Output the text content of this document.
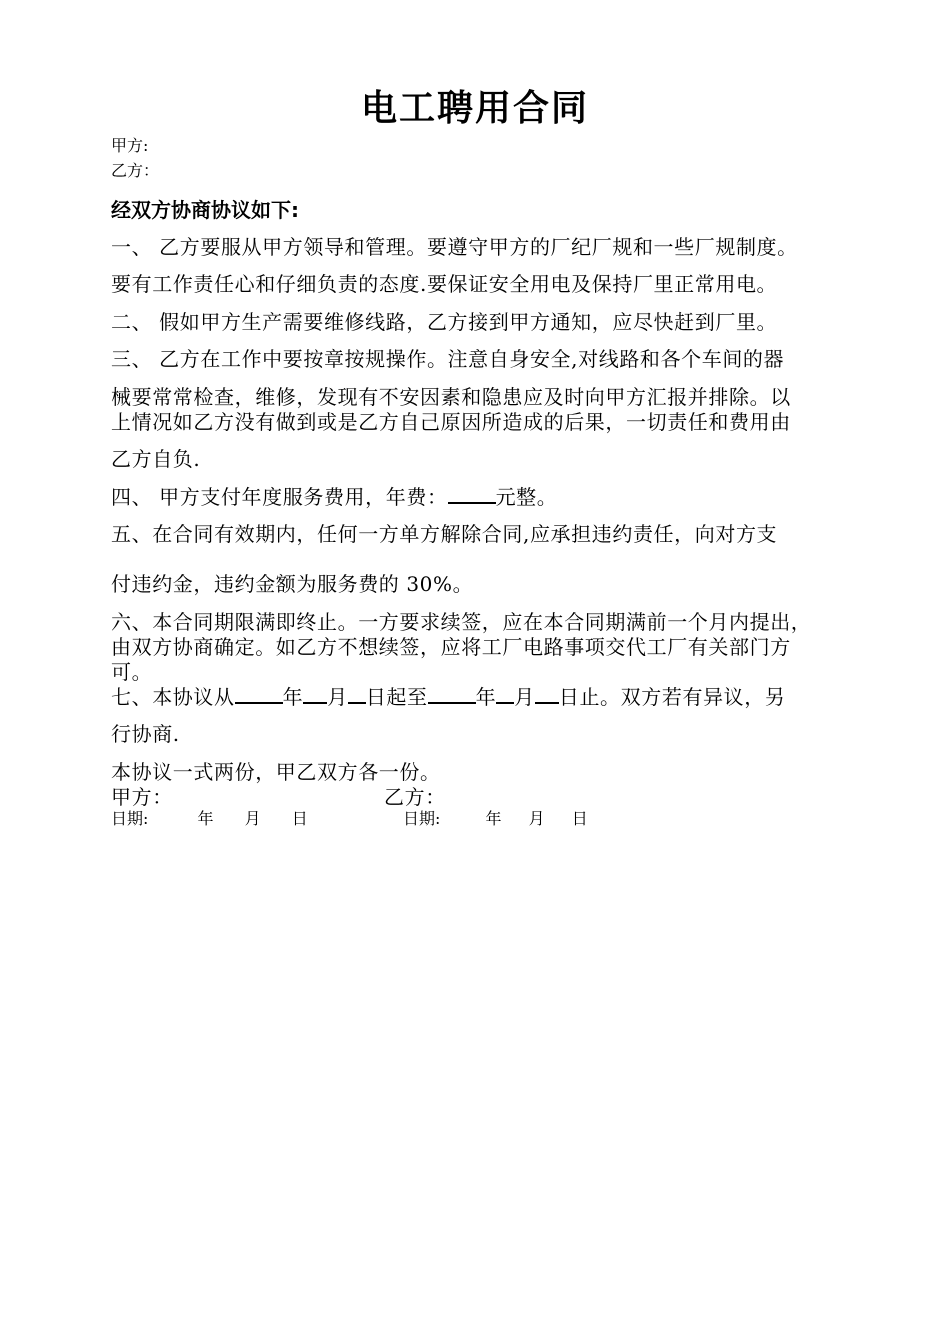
电工聘用合同
甲方:
乙方：
经双方协商协议如下:
一、 乙方要服从甲方领导和管理。要遵守甲方的厂纪厂规和一些厂规制度。
要有工作责任心和仔细负责的态度.要保证安全用电及保持厂里正常用电。
二、 假如甲方生产需要维修线路，乙方接到甲方通知，应尽快赶到厂里。
三、 乙方在工作中要按章按规操作。注意自身安全,对线路和各个车间的器
械要常常检查，维修，发现有不安因素和隐患应及时向甲方汇报并排除。以
上情况如乙方没有做到或是乙方自己原因所造成的后果，一切责任和费用由
乙方自负.
四、 甲方支付年度服务费用，年费： 元整。
五、在合同有效期内，任何一方单方解除合同,应承担违约责任，向对方支
付违约金，违约金额为服务费的 30%。
六、本合同期限满即终止。一方要求续签，应在本合同期满前一个月内提出，
由双方协商确定。如乙方不想续签，应将工厂电路事项交代工厂有关部门方
可。
七、本协议从 年 月 日起至 年 月 日止。双方若有异议，另
行协商.
本协议一式两份，甲乙双方各一份。
甲方：	乙方：
日期:	年 月 日	日期:	年 月 日
